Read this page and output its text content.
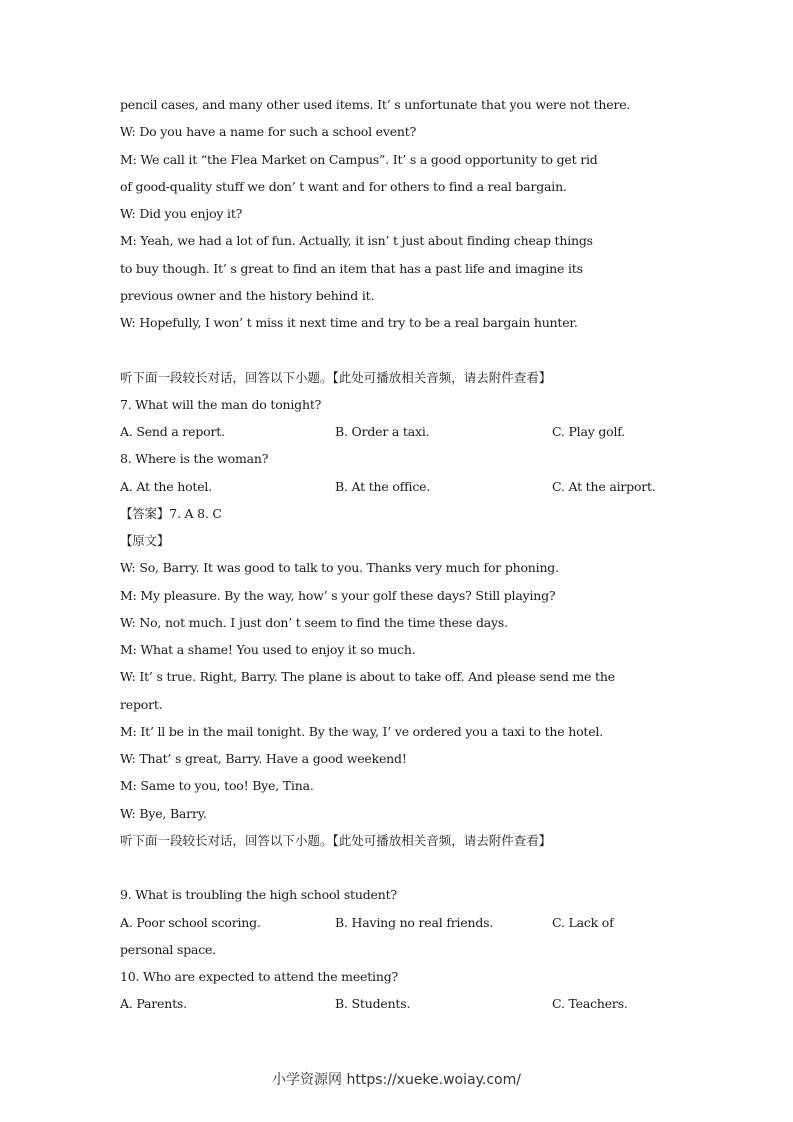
pencil cases, and many other used items. It’ s unfortunate that you were not there.
W: Do you have a name for such a school event?
M: We call it “the Flea Market on Campus”. It’ s a good opportunity to get rid
of good-quality stuff we don’ t want and for others to find a real bargain.
W: Did you enjoy it?
M: Yeah, we had a lot of fun. Actually, it isn’ t just about finding cheap things
to buy though. It’ s great to find an item that has a past life and imagine its
previous owner and the history behind it.
W: Hopefully, I won’ t miss it next time and try to be a real bargain hunter.
听下面一段较长对话，回答以下小题。【此处可播放相关音频，请去附件查看】
7. What will the man do tonight?
A. Send a report.	B. Order a taxi.	C. Play golf.
8. Where is the woman?
A. At the hotel.	B. At the office.	C. At the airport.
【答案】7. A 8. C
【原文】
W: So, Barry. It was good to talk to you. Thanks very much for phoning.
M: My pleasure. By the way, how’ s your golf these days? Still playing?
W: No, not much. I just don’ t seem to find the time these days.
M: What a shame! You used to enjoy it so much.
W: It’ s true. Right, Barry. The plane is about to take off. And please send me the
report.
M: It’ ll be in the mail tonight. By the way, I’ ve ordered you a taxi to the hotel.
W: That’ s great, Barry. Have a good weekend!
M: Same to you, too! Bye, Tina.
W: Bye, Barry.
听下面一段较长对话，回答以下小题。【此处可播放相关音频，请去附件查看】
9. What is troubling the high school student?
A. Poor school scoring.	B. Having no real friends.	C. Lack of
personal space.
10. Who are expected to attend the meeting?
A. Parents.	B. Students.	C. Teachers.
小学资源网 https://xueke.woiay.com/
